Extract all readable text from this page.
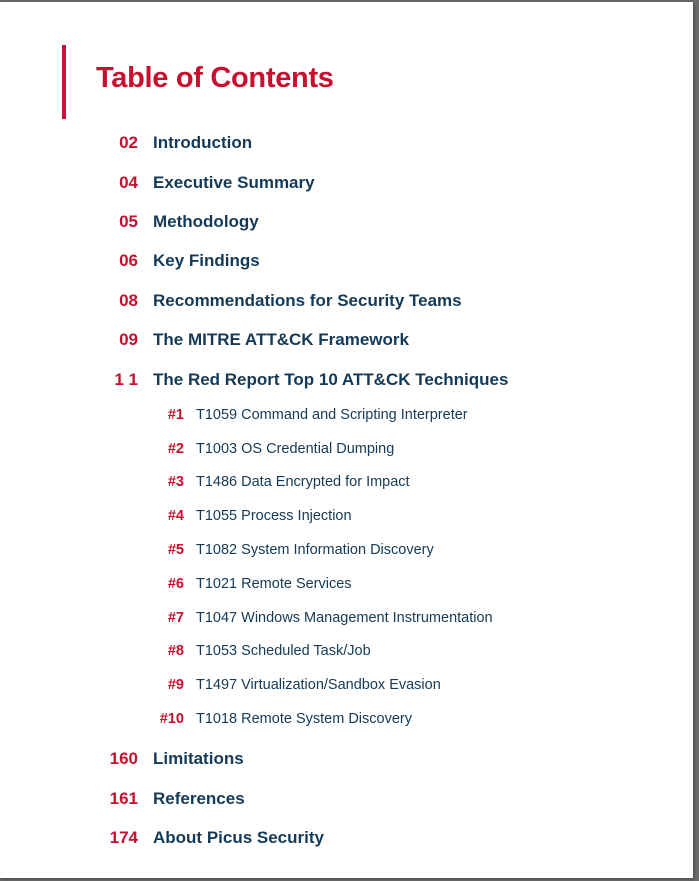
Table of Contents
02 Introduction
04 Executive Summary
05 Methodology
06 Key Findings
08 Recommendations for Security Teams
09 The MITRE ATT&CK Framework
1 1 The Red Report Top 10 ATT&CK Techniques
#1 T1059 Command and Scripting Interpreter
#2 T1003 OS Credential Dumping
#3 T1486 Data Encrypted for Impact
#4 T1055 Process Injection
#5 T1082 System Information Discovery
#6 T1021 Remote Services
#7 T1047 Windows Management Instrumentation
#8 T1053 Scheduled Task/Job
#9 T1497 Virtualization/Sandbox Evasion
#10 T1018 Remote System Discovery
160 Limitations
161 References
174 About Picus Security
